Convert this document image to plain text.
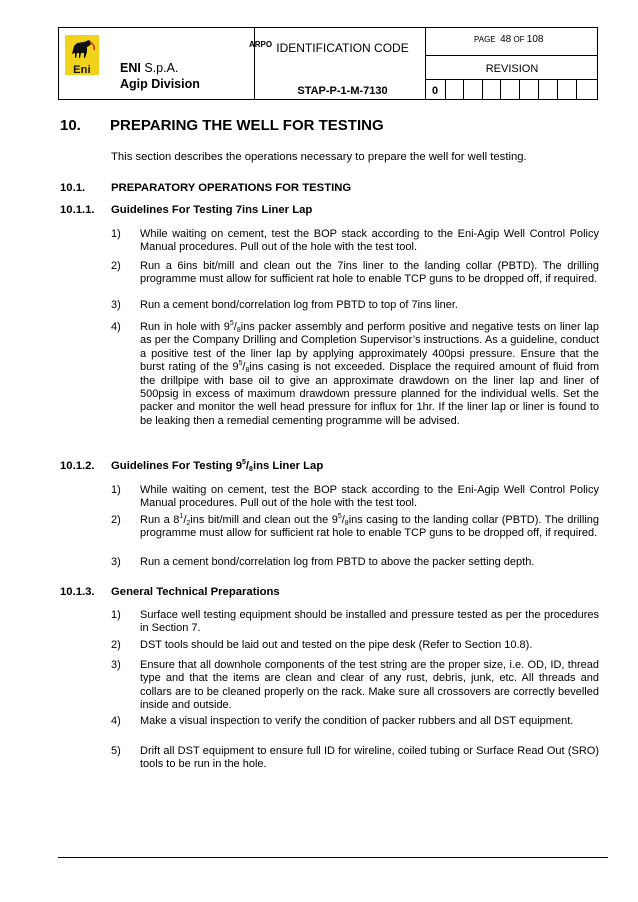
Eni
ARPO
ENI S.p.A.
Agip Division
IDENTIFICATION CODE
STAP-P-1-M-7130
PAGE 48 OF 108
REVISION
0
10. PREPARING THE WELL FOR TESTING
This section describes the operations necessary to prepare the well for well testing.
10.1. PREPARATORY OPERATIONS FOR TESTING
10.1.1. Guidelines For Testing 7ins Liner Lap
1) While waiting on cement, test the BOP stack according to the Eni-Agip Well Control Policy Manual procedures. Pull out of the hole with the test tool.
2) Run a 6ins bit/mill and clean out the 7ins liner to the landing collar (PBTD). The drilling programme must allow for sufficient rat hole to enable TCP guns to be dropped off, if required.
3) Run a cement bond/correlation log from PBTD to top of 7ins liner.
4) Run in hole with $9^5/_8ins$ packer assembly and perform positive and negative tests on liner lap as per the Company Drilling and Completion Supervisor’s instructions. As a guideline, conduct a positive test of the liner lap by applying approximately 400psi pressure. Ensure that the burst rating of the $9^5/_8ins$ casing is not exceeded. Displace the required amount of fluid from the drillpipe with base oil to give an approximate drawdown on the liner lap and liner of 500psig in excess of maximum drawdown pressure planned for the individual wells. Set the packer and monitor the well head pressure for influx for 1hr. If the liner lap or liner is found to be leaking then a remedial cementing programme will be advised.
10.1.2. Guidelines For Testing $9^5/_8ins$ Liner Lap
1) While waiting on cement, test the BOP stack according to the Eni-Agip Well Control Policy Manual procedures. Pull out of the hole with the test tool.
2) Run a $8^1/_2ins$ bit/mill and clean out the $9^5/_8ins$ casing to the landing collar (PBTD). The drilling programme must allow for sufficient rat hole to enable TCP guns to be dropped off, if required.
3) Run a cement bond/correlation log from PBTD to above the packer setting depth.
10.1.3. General Technical Preparations
1) Surface well testing equipment should be installed and pressure tested as per the procedures in Section 7.
2) DST tools should be laid out and tested on the pipe desk (Refer to Section 10.8).
3) Ensure that all downhole components of the test string are the proper size, i.e. OD, ID, thread type and that the items are clean and clear of any rust, debris, junk, etc. All threads and collars are to be cleaned properly on the rack. Make sure all crossovers are correctly bevelled inside and outside.
4) Make a visual inspection to verify the condition of packer rubbers and all DST equipment.
5) Drift all DST equipment to ensure full ID for wireline, coiled tubing or Surface Read Out (SRO) tools to be run in the hole.
